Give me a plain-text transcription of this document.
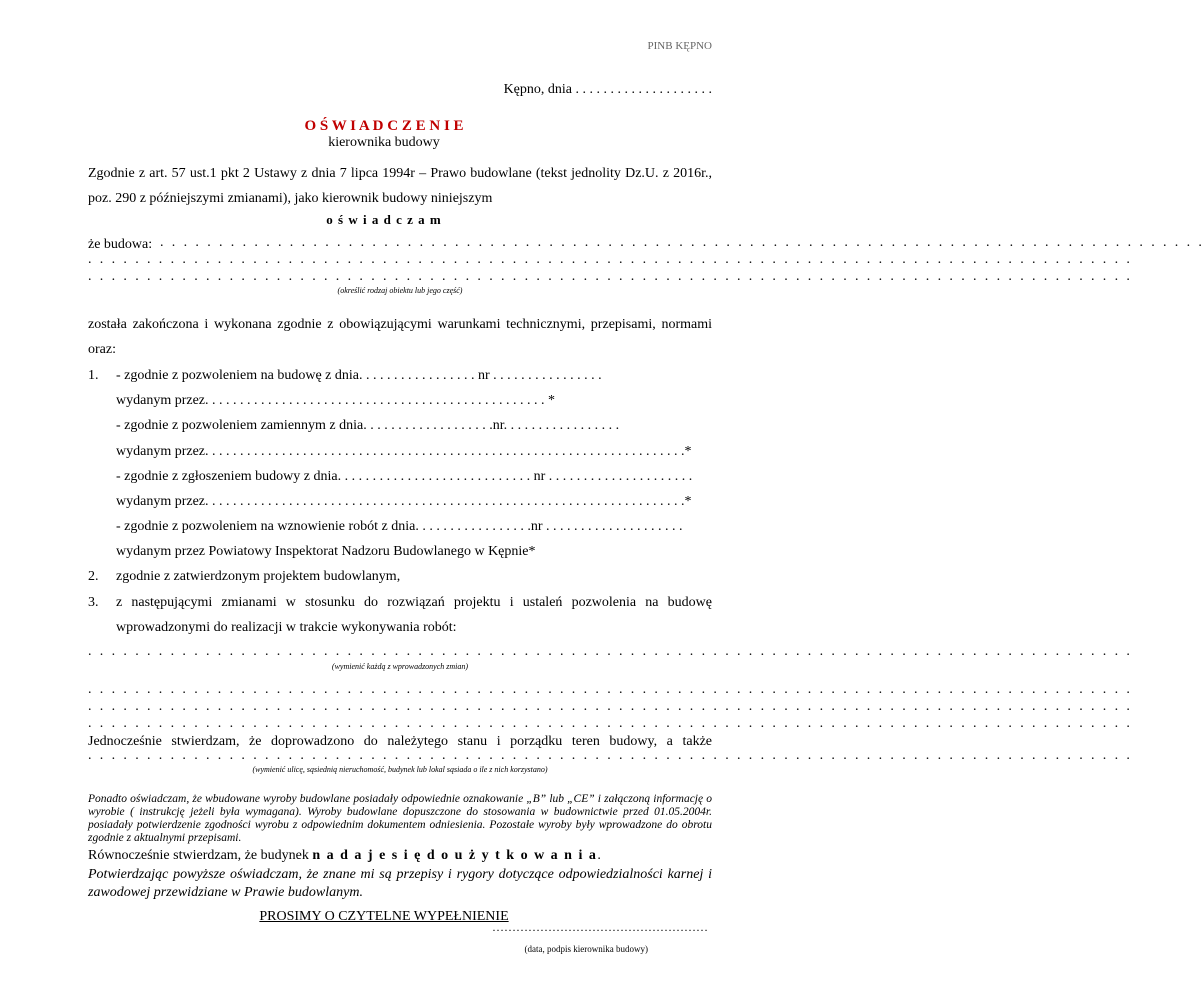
PINB KĘPNO
Kępno, dnia . . . . . . . . . . . . . . . . . . . .
O Ś W I A D C Z E N I E
kierownika budowy
Zgodnie z art. 57 ust.1 pkt 2 Ustawy z dnia 7 lipca 1994r – Prawo budowlane (tekst jednolity Dz.U. z 2016r.,
poz. 290 z późniejszymi zmianami), jako kierownik budowy niniejszym
o ś w i a d c z a m
że budowa: . . . . . . . . . . . . . . . . . . . . . . . . . . . . . . . . . . . . . . . . . . . . . . . . . . . . . . . . . . . . . . . . . . . . . . . . . . . . . . . . . . . . . . . . .
. . . . . . . . . . . . . . . . . . . . . . . . . . . . . . . . . . . . . . . . . . . . . . . . . . . . . . . . . . . . . . . . . . . . . . . . . . . . . . . . . . . . . . . . .
. . . . . . . . . . . . . . . . . . . . . . . . . . . . . . . . . . . . . . . . . . . . . . . . . . . . . . . . . . . . . . . . . . . . . . . . . . . . . . . . . . . . . . . . .
(określić rodzaj obiektu lub jego część)
została zakończona i wykonana zgodnie z obowiązującymi warunkami technicznymi, przepisami, normami
oraz:
1. - zgodnie z pozwoleniem na budowę z dnia. . . . . . . . . . . . . . . . . nr . . . . . . . . . . . . . . . .
wydanym przez. . . . . . . . . . . . . . . . . . . . . . . . . . . . . . . . . . . . . . . . . . . . . . . . . *
- zgodnie z pozwoleniem zamiennym z dnia. . . . . . . . . . . . . . . . . . .nr. . . . . . . . . . . . . . . . .
wydanym przez. . . . . . . . . . . . . . . . . . . . . . . . . . . . . . . . . . . . . . . . . . . . . . . . . . . . . . . . . . . . . . . . . . . . .*
- zgodnie z zgłoszeniem budowy z dnia. . . . . . . . . . . . . . . . . . . . . . . . . . . . nr . . . . . . . . . . . . . . . . . . . . .
wydanym przez. . . . . . . . . . . . . . . . . . . . . . . . . . . . . . . . . . . . . . . . . . . . . . . . . . . . . . . . . . . . . . . . . . . . .*
- zgodnie z pozwoleniem na wznowienie robót z dnia. . . . . . . . . . . . . . . . .nr . . . . . . . . . . . . . . . . . . . .
wydanym przez Powiatowy Inspektorat Nadzoru Budowlanego w Kępnie*
2. zgodnie z zatwierdzonym projektem budowlanym,
3. z następującymi zmianami w stosunku do rozwiązań projektu i ustaleń pozwolenia na budowę
wprowadzonymi do realizacji w trakcie wykonywania robót:
. . . . . . . . . . . . . . . . . . . . . . . . . . . . . . . . . . . . . . . . . . . . . . . . . . . . . . . . . . . . . . . . . . . . . . . . . . . . . . . . . . . . . . . . .
(wymienić każdą z wprowadzonych zmian)
. . . . . . . . . . . . . . . . . . . . . . . . . . . . . . . . . . . . . . . . . . . . . . . . . . . . . . . . . . . . . . . . . . . . . . . . . . . . . . . . . . . . . . . . .
. . . . . . . . . . . . . . . . . . . . . . . . . . . . . . . . . . . . . . . . . . . . . . . . . . . . . . . . . . . . . . . . . . . . . . . . . . . . . . . . . . . . . . . . .
. . . . . . . . . . . . . . . . . . . . . . . . . . . . . . . . . . . . . . . . . . . . . . . . . . . . . . . . . . . . . . . . . . . . . . . . . . . . . . . . . . . . . . . . .
Jednocześnie stwierdzam, że doprowadzono do należytego stanu i porządku teren budowy, a także
. . . . . . . . . . . . . . . . . . . . . . . . . . . . . . . . . . . . . . . . . . . . . . . . . . . . . . . . . . . . . . . . . . . . . . . . . . . . . . . . . . . . . . . . .
(wymienić ulicę, sąsiednią nieruchomość, budynek lub lokal sąsiada o ile z nich korzystano)
Ponadto oświadczam, że wbudowane wyroby budowlane posiadały odpowiednie oznakowanie „B” lub „CE” i załączoną informację o wyrobie ( instrukcję jeżeli była wymagana). Wyroby budowlane dopuszczone do stosowania w budownictwie przed 01.05.2004r. posiadały potwierdzenie zgodności wyrobu z odpowiednim dokumentem odniesienia. Pozostałe wyroby były wprowadzone do obrotu zgodnie z aktualnymi przepisami.
Równocześnie stwierdzam, że budynek n a d a j e s i ę d o u ż y t k o w a n i a.
Potwierdzając powyższe oświadczam, że znane mi są przepisy i rygory dotyczące odpowiedzialności karnej i zawodowej przewidziane w Prawie budowlanym.
PROSIMY O CZYTELNE WYPEŁNIENIE
………………………………………………
(data, podpis kierownika budowy)
